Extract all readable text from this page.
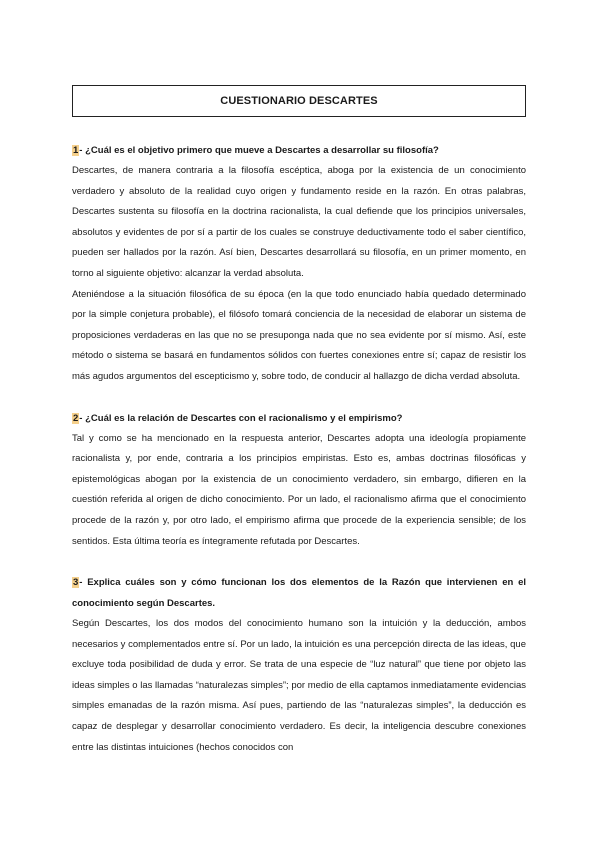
CUESTIONARIO DESCARTES

1- ¿Cuál es el objetivo primero que mueve a Descartes a desarrollar su filosofía?

Descartes, de manera contraria a la filosofía escéptica, aboga por la existencia de un conocimiento verdadero y absoluto de la realidad cuyo origen y fundamento reside en la razón. En otras palabras, Descartes sustenta su filosofía en la doctrina racionalista, la cual defiende que los principios universales, absolutos y evidentes de por sí a partir de los cuales se construye deductivamente todo el saber científico, pueden ser hallados por la razón. Así bien, Descartes desarrollará su filosofía, en un primer momento, en torno al siguiente objetivo: alcanzar la verdad absoluta.

Ateniéndose a la situación filosófica de su época (en la que todo enunciado había quedado determinado por la simple conjetura probable), el filósofo tomará conciencia de la necesidad de elaborar un sistema de proposiciones verdaderas en las que no se presuponga nada que no sea evidente por sí mismo. Así, este método o sistema se basará en fundamentos sólidos con fuertes conexiones entre sí; capaz de resistir los más agudos argumentos del escepticismo y, sobre todo, de conducir al hallazgo de dicha verdad absoluta.

2- ¿Cuál es la relación de Descartes con el racionalismo y el empirismo?

Tal y como se ha mencionado en la respuesta anterior, Descartes adopta una ideología propiamente racionalista y, por ende, contraria a los principios empiristas. Esto es, ambas doctrinas filosóficas y epistemológicas abogan por la existencia de un conocimiento verdadero, sin embargo, difieren en la cuestión referida al origen de dicho conocimiento. Por un lado, el racionalismo afirma que el conocimiento procede de la razón y, por otro lado, el empirismo afirma que procede de la experiencia sensible; de los sentidos. Esta última teoría es íntegramente refutada por Descartes.

3- Explica cuáles son y cómo funcionan los dos elementos de la Razón que intervienen en el conocimiento según Descartes.

Según Descartes, los dos modos del conocimiento humano son la intuición y la deducción, ambos necesarios y complementados entre sí. Por un lado, la intuición es una percepción directa de las ideas, que excluye toda posibilidad de duda y error. Se trata de una especie de “luz natural” que tiene por objeto las ideas simples o las llamadas “naturalezas simples”; por medio de ella captamos inmediatamente evidencias simples emanadas de la razón misma. Así pues, partiendo de las “naturalezas simples”, la deducción es capaz de desplegar y desarrollar conocimiento verdadero. Es decir, la inteligencia descubre conexiones entre las distintas intuiciones (hechos conocidos con
